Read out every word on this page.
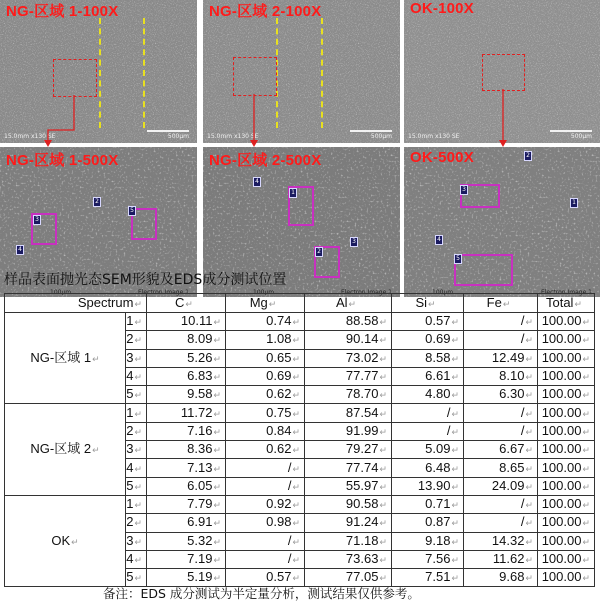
NG-区域 1-100X
15.0mm x130 SE	500μm
NG-区域 2-100X
15.0mm x130 SE	500μm
OK-100X
15.0mm x130 SE	500μm
2
3
4
5
NG-区域 1-500X
100μm	Electron Image 1
4
1
3
2
NG-区域 2-500X
100μm	Electron Image 1
2
3
1
4
5
OK-500X
100μm	Electron Image 1
样品表面抛光态SEM形貌及EDS成分测试位置
Spectrum↵		C↵	Mg↵	Al↵	Si↵	Fe↵	Total↵
NG-区域 1↵	1↵	10.11↵	0.74↵	88.58↵	0.57↵	/↵	100.00↵
	2↵	8.09↵	1.08↵	90.14↵	0.69↵	/↵	100.00↵
	3↵	5.26↵	0.65↵	73.02↵	8.58↵	12.49↵	100.00↵
	4↵	6.83↵	0.69↵	77.77↵	6.61↵	8.10↵	100.00↵
	5↵	9.58↵	0.62↵	78.70↵	4.80↵	6.30↵	100.00↵
NG-区域 2↵	1↵	11.72↵	0.75↵	87.54↵	/↵	/↵	100.00↵
	2↵	7.16↵	0.84↵	91.99↵	/↵	/↵	100.00↵
	3↵	8.36↵	0.62↵	79.27↵	5.09↵	6.67↵	100.00↵
	4↵	7.13↵	/↵	77.74↵	6.48↵	8.65↵	100.00↵
	5↵	6.05↵	/↵	55.97↵	13.90↵	24.09↵	100.00↵
OK↵	1↵	7.79↵	0.92↵	90.58↵	0.71↵	/↵	100.00↵
	2↵	6.91↵	0.98↵	91.24↵	0.87↵	/↵	100.00↵
	3↵	5.32↵	/↵	71.18↵	9.18↵	14.32↵	100.00↵
	4↵	7.19↵	/↵	73.63↵	7.56↵	11.62↵	100.00↵
	5↵	5.19↵	0.57↵	77.05↵	7.51↵	9.68↵	100.00↵
备注：EDS 成分测试为半定量分析，测试结果仅供参考。
